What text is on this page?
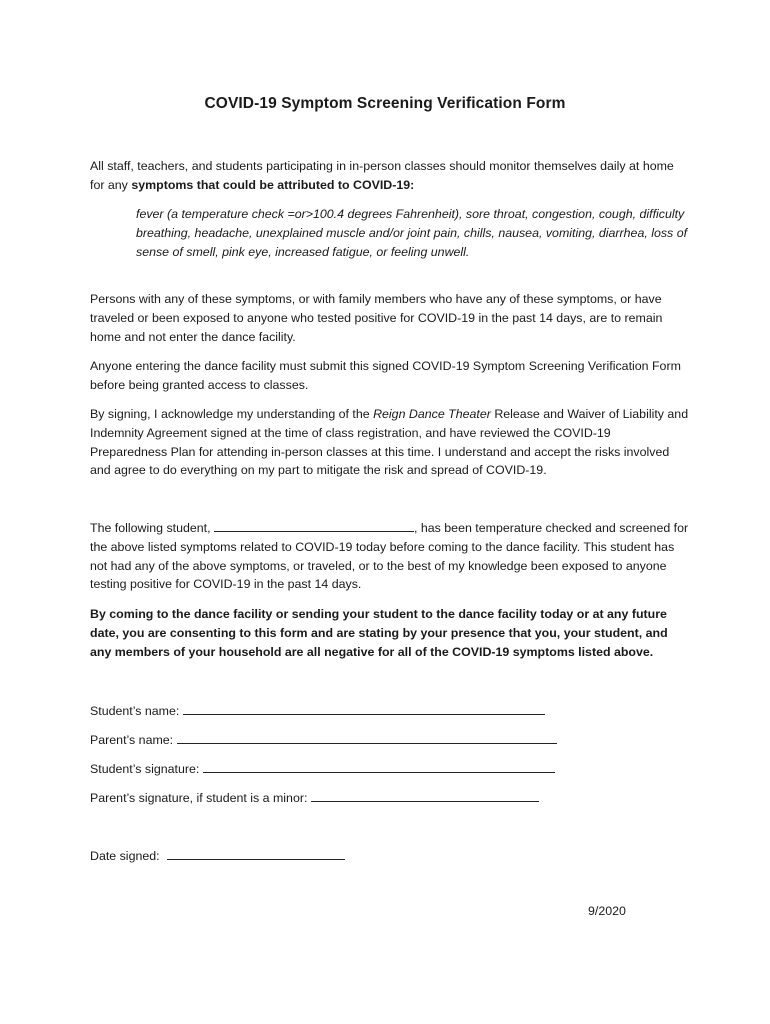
COVID-19 Symptom Screening Verification Form
All staff, teachers, and students participating in in-person classes should monitor themselves daily at home for any symptoms that could be attributed to COVID-19:
fever (a temperature check =or>100.4 degrees Fahrenheit), sore throat, congestion, cough, difficulty breathing, headache, unexplained muscle and/or joint pain, chills, nausea, vomiting, diarrhea, loss of sense of smell, pink eye, increased fatigue, or feeling unwell.
Persons with any of these symptoms, or with family members who have any of these symptoms, or have traveled or been exposed to anyone who tested positive for COVID-19 in the past 14 days, are to remain home and not enter the dance facility.
Anyone entering the dance facility must submit this signed COVID-19 Symptom Screening Verification Form before being granted access to classes.
By signing, I acknowledge my understanding of the Reign Dance Theater Release and Waiver of Liability and Indemnity Agreement signed at the time of class registration, and have reviewed the COVID-19 Preparedness Plan for attending in-person classes at this time. I understand and accept the risks involved and agree to do everything on my part to mitigate the risk and spread of COVID-19.
The following student,	, has been temperature checked and screened for the above listed symptoms related to COVID-19 today before coming to the dance facility. This student has not had any of the above symptoms, or traveled, or to the best of my knowledge been exposed to anyone testing positive for COVID-19 in the past 14 days.
By coming to the dance facility or sending your student to the dance facility today or at any future date, you are consenting to this form and are stating by your presence that you, your student, and any members of your household are all negative for all of the COVID-19 symptoms listed above.
Student’s name:
Parent’s name:
Student’s signature:
Parent’s signature, if student is a minor:
Date signed:
9/2020
